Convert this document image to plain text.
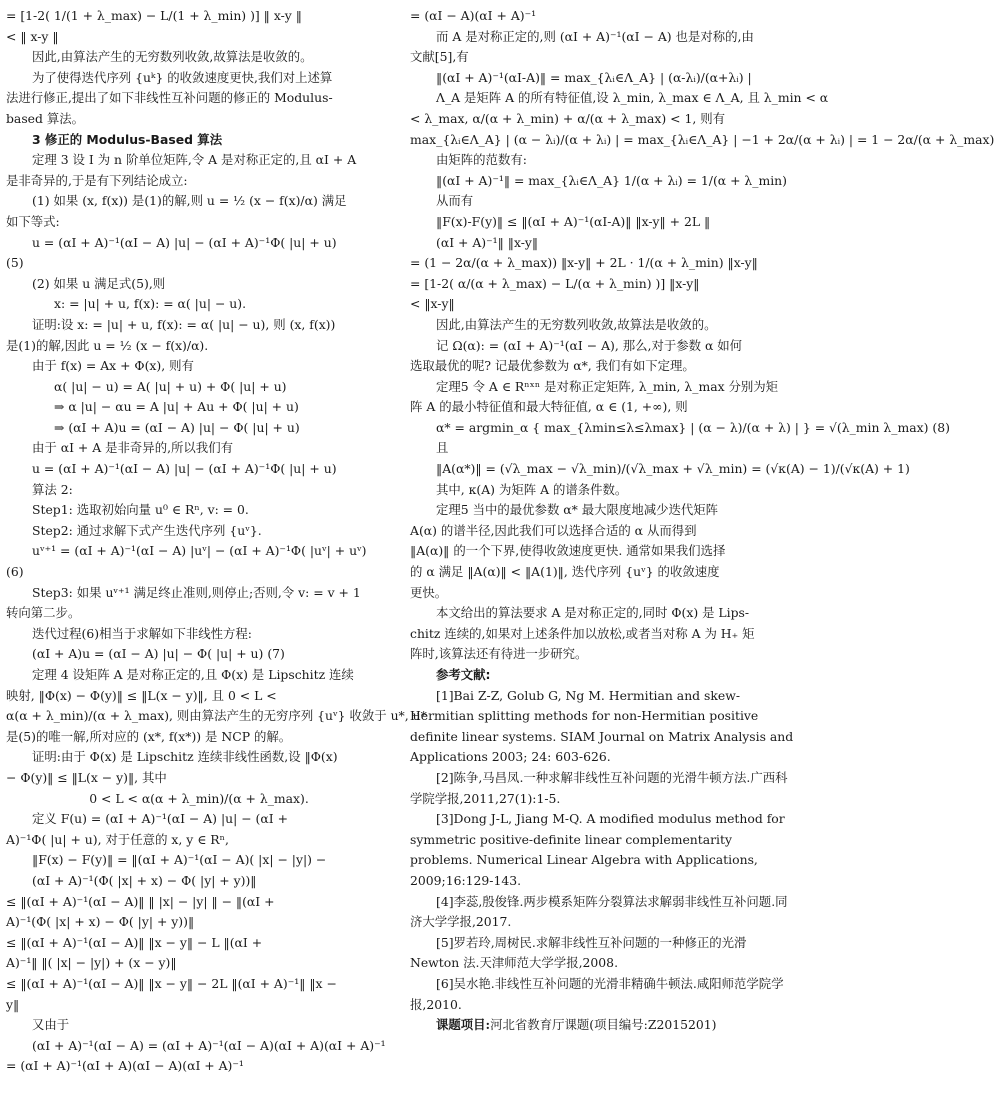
= [1-2( 1/(1 + λ_max) − L/(1 + λ_min) )] ‖ x-y ‖
< ‖ x-y ‖
因此,由算法产生的无穷数列收敛,故算法是收敛的。
为了使得迭代序列 {uᵏ} 的收敛速度更快,我们对上述算
法进行修正,提出了如下非线性互补问题的修正的 Modulus-
based 算法。
3 修正的 Modulus-Based 算法
定理 3 设 I 为 n 阶单位矩阵,令 A 是对称正定的,且 αI + A
是非奇异的,于是有下列结论成立:
(1) 如果 (x, f(x)) 是(1)的解,则 u = ½ (x − f(x)/α) 满足
如下等式:
u = (αI + A)⁻¹(αI − A) |u| − (αI + A)⁻¹Φ( |u| + u)
(5)
(2) 如果 u 满足式(5),则
x: = |u| + u, f(x): = α( |u| − u).
证明:设 x: = |u| + u, f(x): = α( |u| − u), 则 (x, f(x))
是(1)的解,因此 u = ½ (x − f(x)/α).
由于 f(x) = Ax + Φ(x), 则有
α( |u| − u) = A( |u| + u) + Φ( |u| + u)
⇒ α |u| − αu = A |u| + Au + Φ( |u| + u)
⇒ (αI + A)u = (αI − A) |u| − Φ( |u| + u)
由于 αI + A 是非奇异的,所以我们有
u = (αI + A)⁻¹(αI − A) |u| − (αI + A)⁻¹Φ( |u| + u)
算法 2:
Step1: 选取初始向量 u⁰ ∈ Rⁿ, v: = 0.
Step2: 通过求解下式产生迭代序列 {uᵛ}.
uᵛ⁺¹ = (αI + A)⁻¹(αI − A) |uᵛ| − (αI + A)⁻¹Φ( |uᵛ| + uᵛ)
(6)
Step3: 如果 uᵛ⁺¹ 满足终止准则,则停止;否则,令 v: = v + 1
转向第二步。
迭代过程(6)相当于求解如下非线性方程:
(αI + A)u = (αI − A) |u| − Φ( |u| + u) (7)
定理 4 设矩阵 A 是对称正定的,且 Φ(x) 是 Lipschitz 连续
映射, ‖Φ(x) − Φ(y)‖ ≤ ‖L(x − y)‖, 且 0 < L <
α(α + λ_min)/(α + λ_max), 则由算法产生的无穷序列 {uᵛ} 收敛于 u*, u*
是(5)的唯一解,所对应的 (x*, f(x*)) 是 NCP 的解。
证明:由于 Φ(x) 是 Lipschitz 连续非线性函数,设 ‖Φ(x)
− Φ(y)‖ ≤ ‖L(x − y)‖, 其中
0 < L < α(α + λ_min)/(α + λ_max).
定义 F(u) = (αI + A)⁻¹(αI − A) |u| − (αI +
A)⁻¹Φ( |u| + u), 对于任意的 x, y ∈ Rⁿ,
‖F(x) − F(y)‖ = ‖(αI + A)⁻¹(αI − A)( |x| − |y|) −
(αI + A)⁻¹(Φ( |x| + x) − Φ( |y| + y))‖
≤ ‖(αI + A)⁻¹(αI − A)‖ ‖ |x| − |y| ‖ − ‖(αI +
A)⁻¹(Φ( |x| + x) − Φ( |y| + y))‖
≤ ‖(αI + A)⁻¹(αI − A)‖ ‖x − y‖ − L ‖(αI +
A)⁻¹‖ ‖( |x| − |y|) + (x − y)‖
≤ ‖(αI + A)⁻¹(αI − A)‖ ‖x − y‖ − 2L ‖(αI + A)⁻¹‖ ‖x −
y‖
又由于
(αI + A)⁻¹(αI − A) = (αI + A)⁻¹(αI − A)(αI + A)(αI + A)⁻¹
= (αI + A)⁻¹(αI + A)(αI − A)(αI + A)⁻¹
= (αI − A)(αI + A)⁻¹
而 A 是对称正定的,则 (αI + A)⁻¹(αI − A) 也是对称的,由
文献[5],有
‖(αI + A)⁻¹(αI-A)‖ = max_{λᵢ∈Λ_A} | (α-λᵢ)/(α+λᵢ) |
Λ_A 是矩阵 A 的所有特征值,设 λ_min, λ_max ∈ Λ_A, 且 λ_min < α
< λ_max, α/(α + λ_min) + α/(α + λ_max) < 1, 则有
max_{λᵢ∈Λ_A} | (α − λᵢ)/(α + λᵢ) | = max_{λᵢ∈Λ_A} | −1 + 2α/(α + λᵢ) | = 1 − 2α/(α + λ_max)
由矩阵的范数有:
‖(αI + A)⁻¹‖ = max_{λᵢ∈Λ_A} 1/(α + λᵢ) = 1/(α + λ_min)
从而有
‖F(x)-F(y)‖ ≤ ‖(αI + A)⁻¹(αI-A)‖ ‖x-y‖ + 2L ‖
(αI + A)⁻¹‖ ‖x-y‖
= (1 − 2α/(α + λ_max)) ‖x-y‖ + 2L · 1/(α + λ_min) ‖x-y‖
= [1-2( α/(α + λ_max) − L/(α + λ_min) )] ‖x-y‖
< ‖x-y‖
因此,由算法产生的无穷数列收敛,故算法是收敛的。
记 Ω(α): = (αI + A)⁻¹(αI − A), 那么,对于参数 α 如何
选取最优的呢? 记最优参数为 α*, 我们有如下定理。
定理5 令 A ∈ Rⁿˣⁿ 是对称正定矩阵, λ_min, λ_max 分别为矩
阵 A 的最小特征值和最大特征值, α ∈ (1, +∞), 则
α* = argmin_α { max_{λmin≤λ≤λmax} | (α − λ)/(α + λ) | } = √(λ_min λ_max) (8)
且
‖A(α*)‖ = (√λ_max − √λ_min)/(√λ_max + √λ_min) = (√κ(A) − 1)/(√κ(A) + 1)
其中, κ(A) 为矩阵 A 的谱条件数。
定理5 当中的最优参数 α* 最大限度地减少迭代矩阵
A(α) 的谱半径,因此我们可以选择合适的 α 从而得到
‖A(α)‖ 的一个下界,使得收敛速度更快. 通常如果我们选择
的 α 满足 ‖A(α)‖ < ‖A(1)‖, 迭代序列 {uᵛ} 的收敛速度
更快。
本文给出的算法要求 A 是对称正定的,同时 Φ(x) 是 Lips-
chitz 连续的,如果对上述条件加以放松,或者当对称 A 为 H₊ 矩
阵时,该算法还有待进一步研究。
参考文献:
[1]Bai Z-Z, Golub G, Ng M. Hermitian and skew-Hermitian splitting methods for non-Hermitian positive definite linear systems. SIAM Journal on Matrix Analysis and Applications 2003; 24: 603-626.
[2]陈争,马昌凤.一种求解非线性互补问题的光滑牛顿方法.广西科学院学报,2011,27(1):1-5.
[3]Dong J-L, Jiang M-Q. A modified modulus method for symmetric positive-definite linear complementarity problems. Numerical Linear Algebra with Applications, 2009;16:129-143.
[4]李蕊,殷俊锋.两步模系矩阵分裂算法求解弱非线性互补问题.同济大学学报,2017.
[5]罗若玲,周树民.求解非线性互补问题的一种修正的光滑 Newton 法.天津师范大学学报,2008.
[6]吴水艳.非线性互补问题的光滑非精确牛顿法.咸阳师范学院学报,2010.
课题项目:河北省教育厅课题(项目编号:Z2015201)
